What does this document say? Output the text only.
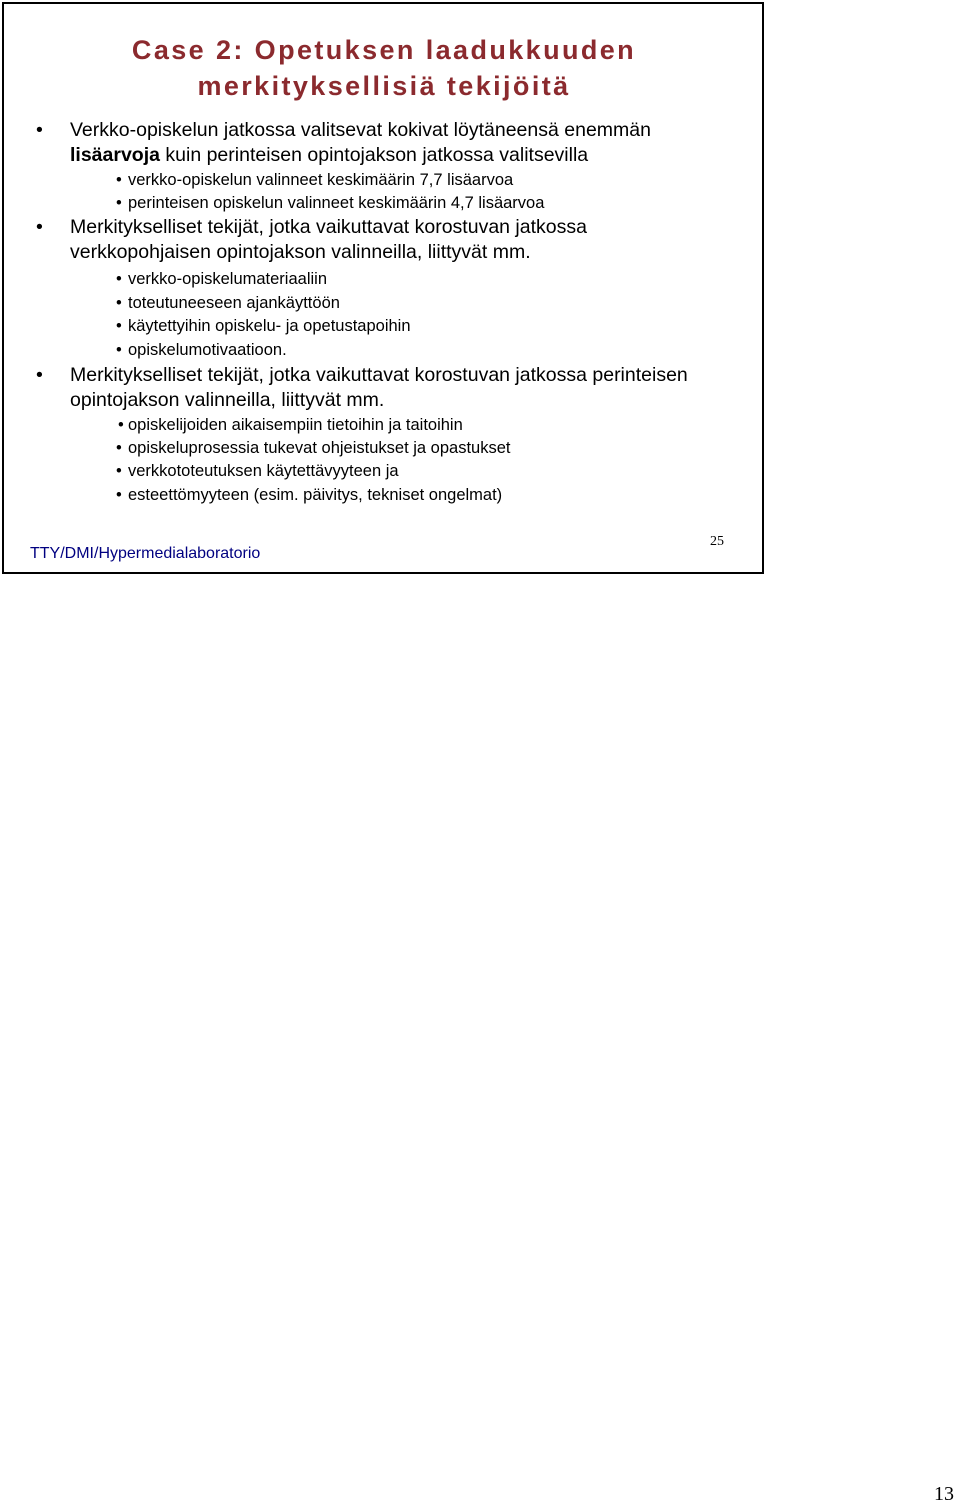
Case 2: Opetuksen laadukkuuden
merkityksellisiä tekijöitä
• Verkko-opiskelun jatkossa valitsevat kokivat löytäneensä enemmän
lisäarvoja kuin perinteisen opintojakson jatkossa valitsevilla
• verkko-opiskelun valinneet keskimäärin 7,7 lisäarvoa
• perinteisen opiskelun valinneet keskimäärin 4,7 lisäarvoa
• Merkitykselliset tekijät, jotka vaikuttavat korostuvan jatkossa
verkkopohjaisen opintojakson valinneilla, liittyvät mm.
• verkko-opiskelumateriaaliin
• toteutuneeseen ajankäyttöön
• käytettyihin opiskelu- ja opetustapoihin
• opiskelumotivaatioon.
• Merkitykselliset tekijät, jotka vaikuttavat korostuvan jatkossa perinteisen
opintojakson valinneilla, liittyvät mm.
• opiskelijoiden aikaisempiin tietoihin ja taitoihin
• opiskeluprosessia tukevat ohjeistukset ja opastukset
• verkkototeutuksen käytettävyyteen ja
• esteettömyyteen (esim. päivitys, tekniset ongelmat)
TTY/DMI/Hypermedialaboratorio
25
13
